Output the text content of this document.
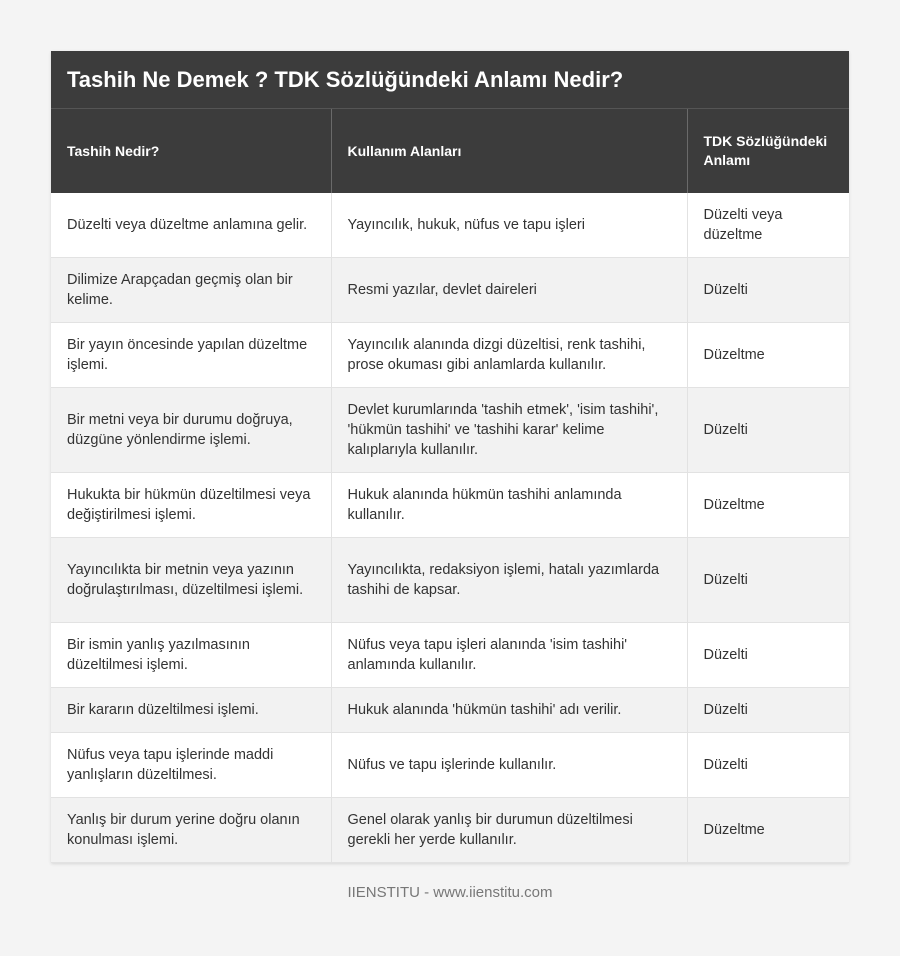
Tashih Ne Demek ? TDK Sözlüğündeki Anlamı Nedir?
Tashih Nedir?	Kullanım Alanları	TDK Sözlüğündeki Anlamı
Düzelti veya düzeltme anlamına gelir.	Yayıncılık, hukuk, nüfus ve tapu işleri	Düzelti veya düzeltme
Dilimize Arapçadan geçmiş olan bir kelime.	Resmi yazılar, devlet daireleri	Düzelti
Bir yayın öncesinde yapılan düzeltme işlemi.	Yayıncılık alanında dizgi düzeltisi, renk tashihi, prose okuması gibi anlamlarda kullanılır.	Düzeltme
Bir metni veya bir durumu doğruya, düzgüne yönlendirme işlemi.	Devlet kurumlarında 'tashih etmek', 'isim tashihi', 'hükmün tashihi' ve 'tashihi karar' kelime kalıplarıyla kullanılır.	Düzelti
Hukukta bir hükmün düzeltilmesi veya değiştirilmesi işlemi.	Hukuk alanında hükmün tashihi anlamında kullanılır.	Düzeltme
Yayıncılıkta bir metnin veya yazının doğrulaştırılması, düzeltilmesi işlemi.	Yayıncılıkta, redaksiyon işlemi, hatalı yazımlarda tashihi de kapsar.	Düzelti
Bir ismin yanlış yazılmasının düzeltilmesi işlemi.	Nüfus veya tapu işleri alanında 'isim tashihi' anlamında kullanılır.	Düzelti
Bir kararın düzeltilmesi işlemi.	Hukuk alanında 'hükmün tashihi' adı verilir.	Düzelti
Nüfus veya tapu işlerinde maddi yanlışların düzeltilmesi.	Nüfus ve tapu işlerinde kullanılır.	Düzelti
Yanlış bir durum yerine doğru olanın konulması işlemi.	Genel olarak yanlış bir durumun düzeltilmesi gerekli her yerde kullanılır.	Düzeltme
IIENSTITU - www.iienstitu.com
